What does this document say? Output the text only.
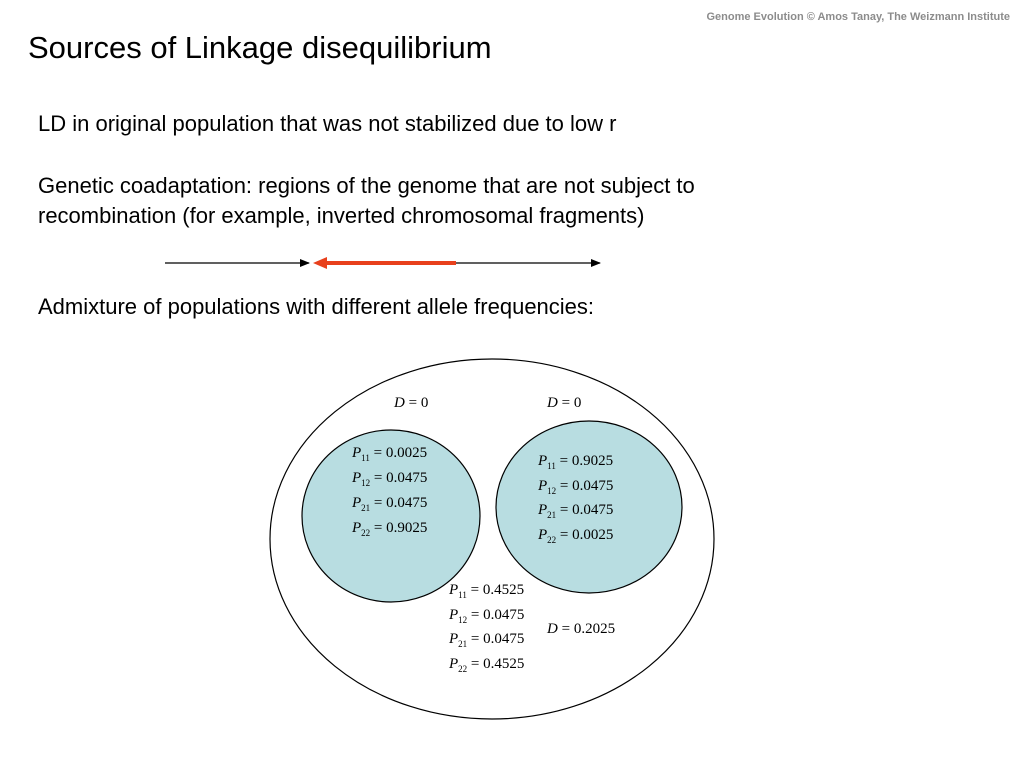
Genome Evolution © Amos Tanay, The Weizmann Institute
Sources of Linkage disequilibrium
LD in original population that was not stabilized due to low r
Genetic coadaptation: regions of the genome that are not subject to recombination (for example, inverted chromosomal fragments)
Admixture of populations with different allele frequencies:
D = 0	D = 0
D = 0.2025
$P_{11} = 0.0025$
$P_{12} = 0.0475$
$P_{21} = 0.0475$
$P_{22} = 0.9025$
$P_{11} = 0.9025$
$P_{12} = 0.0475$
$P_{21} = 0.0475$
$P_{22} = 0.0025$
$P_{11} = 0.4525$
$P_{12} = 0.0475$
$P_{21} = 0.0475$
$P_{22} = 0.4525$
